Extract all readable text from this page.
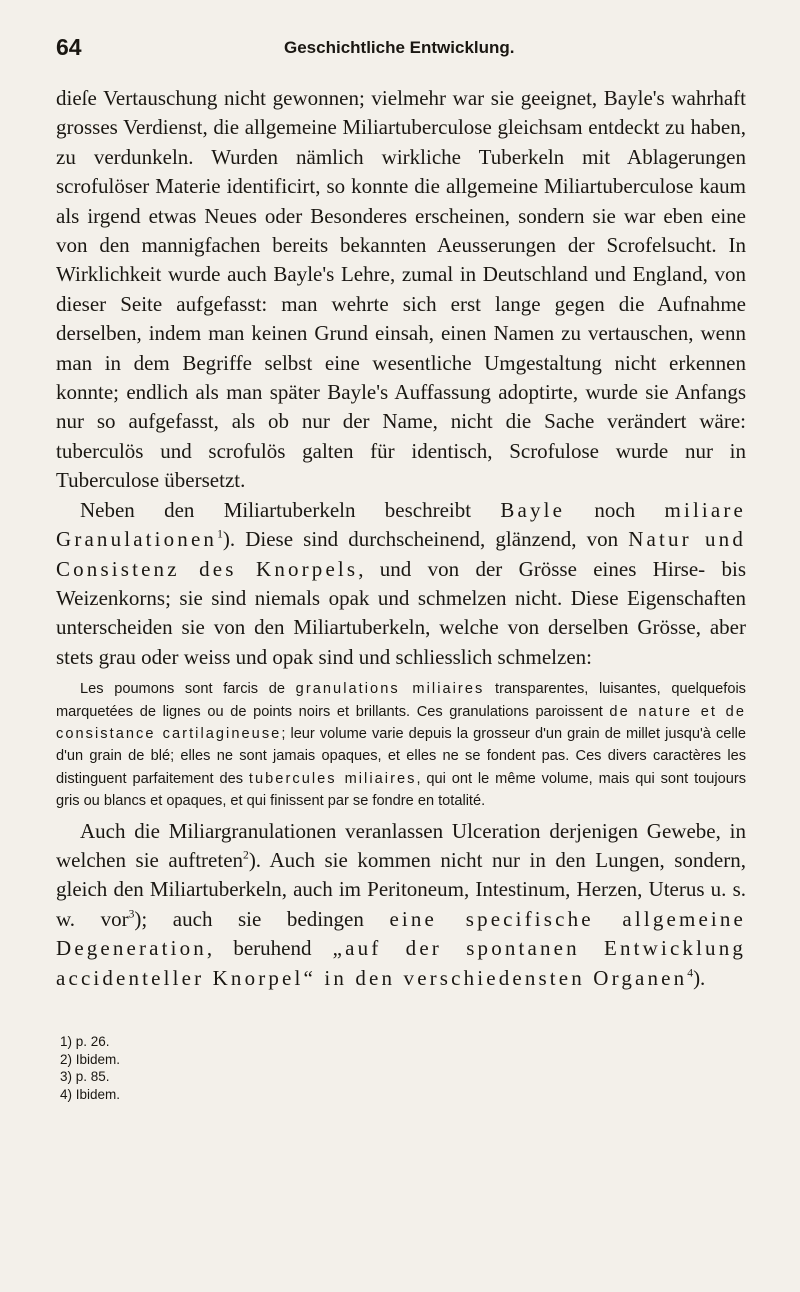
64	Geschichtliche Entwicklung.

dieſe Vertauschung nicht gewonnen; vielmehr war sie geeignet, Bayle's wahrhaft grosses Verdienst, die allgemeine Miliartuberculose gleichsam entdeckt zu haben, zu verdunkeln. Wurden nämlich wirkliche Tuberkeln mit Ablagerungen scrofulöser Materie identificirt, so konnte die allgemeine Miliartuberculose kaum als irgend etwas Neues oder Besonderes erscheinen, sondern sie war eben eine von den mannigfachen bereits bekannten Aeusserungen der Scrofelsucht. In Wirklichkeit wurde auch Bayle's Lehre, zumal in Deutschland und England, von dieser Seite aufgefasst: man wehrte sich erst lange gegen die Aufnahme derselben, indem man keinen Grund einsah, einen Namen zu vertauschen, wenn man in dem Begriffe selbst eine wesentliche Umgestaltung nicht erkennen konnte; endlich als man später Bayle's Auffassung adoptirte, wurde sie Anfangs nur so aufgefasst, als ob nur der Name, nicht die Sache verändert wäre: tuberculös und scrofulös galten für identisch, Scrofulose wurde nur in Tuberculose übersetzt.

Neben den Miliartuberkeln beschreibt Bayle noch miliare Granulationen$^1$). Diese sind durchscheinend, glänzend, von Natur und Consistenz des Knorpels, und von der Grösse eines Hirse- bis Weizenkorns; sie sind niemals opak und schmelzen nicht. Diese Eigenschaften unterscheiden sie von den Miliartuberkeln, welche von derselben Grösse, aber stets grau oder weiss und opak sind und schliesslich schmelzen:

Les poumons sont farcis de granulations miliaires transparentes, luisantes, quelquefois marquetées de lignes ou de points noirs et brillants. Ces granulations paroissent de nature et de consistance cartilagineuse; leur volume varie depuis la grosseur d'un grain de millet jusqu'à celle d'un grain de blé; elles ne sont jamais opaques, et elles ne se fondent pas. Ces divers caractères les distinguent parfaitement des tubercules miliaires, qui ont le même volume, mais qui sont toujours gris ou blancs et opaques, et qui finissent par se fondre en totalité.

Auch die Miliargranulationen veranlassen Ulceration derjenigen Gewebe, in welchen sie auftreten$^2$). Auch sie kommen nicht nur in den Lungen, sondern, gleich den Miliartuberkeln, auch im Peritoneum, Intestinum, Herzen, Uterus u. s. w. vor$^3$); auch sie bedingen eine specifische allgemeine Degeneration, beruhend „auf der spontanen Entwicklung accidenteller Knorpel“ in den verschiedensten Organen$^4$).

1) p. 26.
2) Ibidem.
3) p. 85.
4) Ibidem.
